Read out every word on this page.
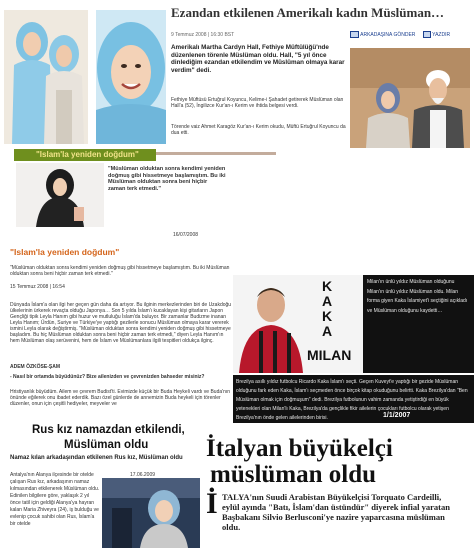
Ezandan etkilenen Amerikalı kadın Müslüman…
9 Temmuz 2008 | 16:30 BST	ARKADAŞINA GÖNDER	YAZDIR
Amerikalı Martha Cardyn Hall, Fethiye Müftülüğü'nde düzenlenen törenle Müslüman oldu. Hall, "5 yıl önce dinlediğim ezandan etkilendim ve Müslüman olmaya karar verdim" dedi.
Fethiye Müftüsü Ertuğrul Koyuncu, Kelime-i Şahadet getirerek Müslüman olan Hall'a (52), İngilizce Kur'an-ı Kerim ve ihtida belgesi verdi.
Törende vaiz Ahmet Karagöz Kur'an-ı Kerim okudu, Müftü Ertuğrul Koyuncu da dua etti.
"Islam'la yeniden doğdum"
"Müslüman olduktan sonra kendimi yeniden doğmuş gibi hissetmeye başlamıştım. Bu iki Müslüman olduktan sonra beni hiçbir zaman terk etmedi."
16/07/2008
"Islam'la yeniden doğdum"
"Müslüman olduktan sonra kendimi yeniden doğmuş gibi hissetmeye başlamıştım. Bu iki Müslüman olduktan sonra beni hiçbir zaman terk etmedi."
15 Temmuz 2008 | 16:54
Dünyada İslam'a olan ilgi her geçen gün daha da artıyor. Bu ilginin merkezlerinden biri de Uzakdoğu ülkelerinin ürkerek revaçta olduğu Japonya… Son 5 yılda İslam'ı kucaklayan kişi gitarların Japon Gençliği tipik Leyla Hanım gibi huzur ve mutluluğu İslam'da buluyor. Bir zamanlar Budizme inanan Leyla Hanım; Ürdün, Suriye ve Türkiye'ye yaptığı gezilerle sonucu Müslüman olmaya karar vererek ismini Leyla olarak değiştirmiş. "Müslüman olduktan sonra kendimi yeniden doğmuş gibi hissetmeye başladım. Bu hiç Müslüman olduktan sonra beni hiçbir zaman terk etmedi," diyen Leyla Hanım'ın hem Müslüman olaş serüvenini, hem de İslam ve Müslümanlara ilgili tespitleri oldukça ilginç.
ADEM ÖZKÖSE-ŞAM
- Nasıl bir ortamda büyüdünüz? Bize ailenizden ve çevrenizden bahseder misiniz?
Hristiyanlık büyüdüm. Ailem ve çevrem Budist'ti. Evimizde küçük bir Buda Heykeli vardı ve Buda'nın önünde eğilerek onu ibadet ederdik. Bazı özel günlerde de annemizin Buda heykeli için törenler düzenler, onun için çeşitli hediyeler, meyveler ve
KAKA
MILAN
Milan'ın ünlü yıldız Müslüman olduğunu Milan'ın ünlü yıldız Müslüman oldu. Milan forma giyen Kaka İslamiyet'i seçtiğini açıkladı ve Müslüman olduğunu kaydetti…
Brezilya asıllı yıldız futbolcu Ricardo Kaka İslam'ı seçti. Geçen Kuveyt'e yaptığı bir gezide Müslüman olduğunu fark eden Kaka, İslam'ı seçmeden önce birçok kitap okuduğunu belirtti. Kaka Brezilya'dan "Ben Müslüman olmak için doğmuşum" dedi. Brezilya futbolunun vahim zamanda yetiştirdiği en büyük yetenekleri olan Milan'lı Kaka, Brezilya'da gençlikle fikir ailelerin çocukları futbolcu olarak yetişen Brezilya'nın önde gelen ailelerinden birisi.	1/1/2007
Rus kız namazdan etkilendi,
Müslüman oldu
Namaz kılan arkadaşından etkilenen Rus kız, Müslüman oldu
17.06.2009
Antalya'nın Alanya ilçesinde bir otelde çalışan Rus kız, arkadaşının namaz kılmasından etkilenerek Müslüman oldu. Edinilen bilgilere göre, yaklaşık 2 yıl önce tatil için geldiği Alanya'ya hayran kalan Maria Zhiveyra (24), iş bulduğu ve evlenip çocuk sahibi olan Rus, İslam'a bir otelde
İtalyan büyükelçi
müslüman oldu
İ TALYA'nın Suudi Arabistan Büyükelçisi Torquato Cardeilli, eylül ayında "Batı, İslam'dan üstündür" diyerek infial yaratan Başbakanı Silvio Berlusconi'ye nazire yaparcasına müslüman oldu.
